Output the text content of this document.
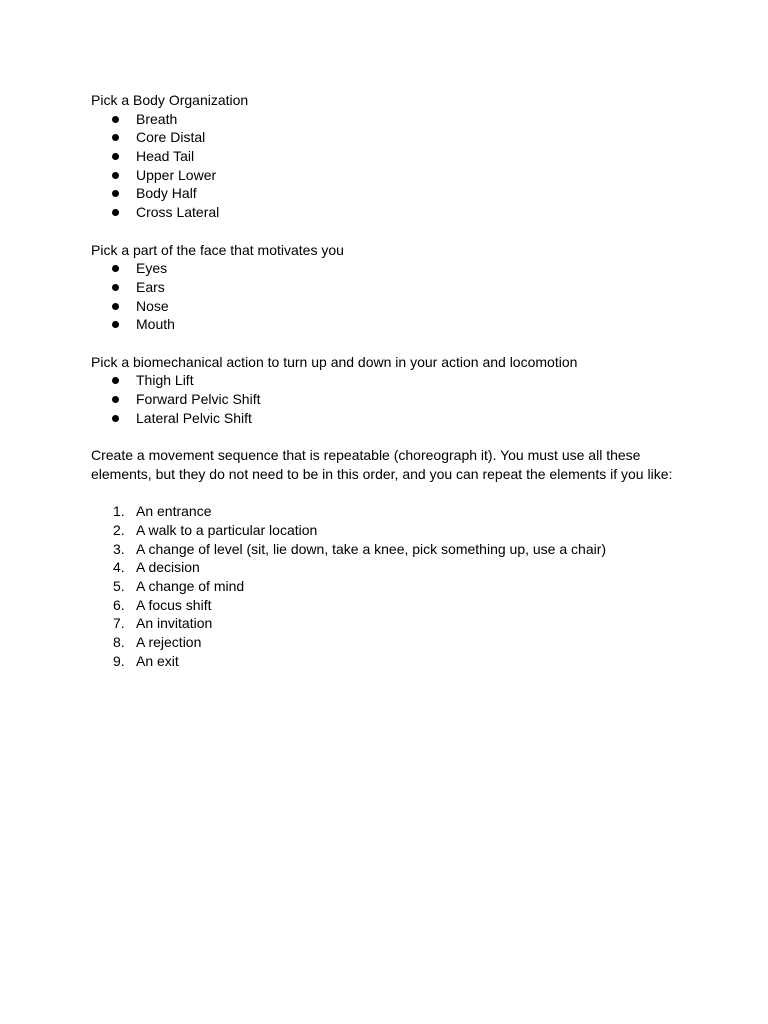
Pick a Body Organization

Breath
Core Distal
Head Tail
Upper Lower
Body Half
Cross Lateral

Pick a part of the face that motivates you

Eyes
Ears
Nose
Mouth

Pick a biomechanical action to turn up and down in your action and locomotion

Thigh Lift
Forward Pelvic Shift
Lateral Pelvic Shift

Create a movement sequence that is repeatable (choreograph it). You must use all these

elements, but they do not need to be in this order, and you can repeat the elements if you like:

1. An entrance
2. A walk to a particular location
3. A change of level (sit, lie down, take a knee, pick something up, use a chair)
4. A decision
5. A change of mind
6. A focus shift
7. An invitation
8. A rejection
9. An exit
